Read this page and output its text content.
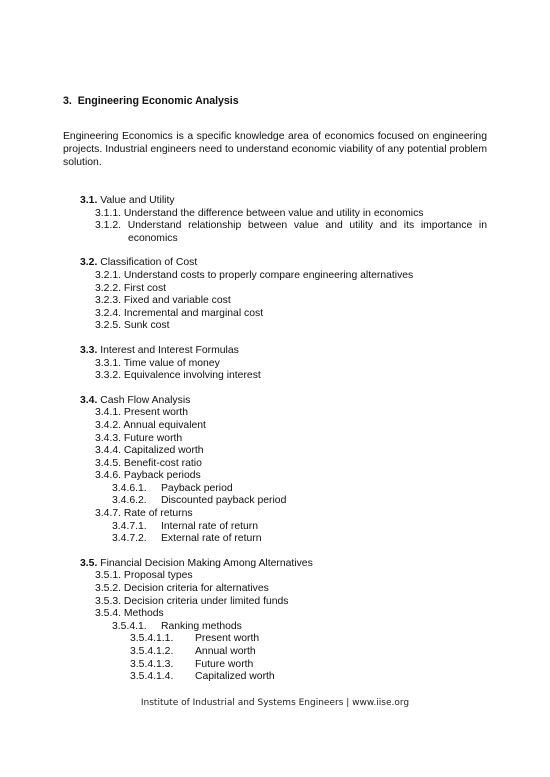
3. Engineering Economic Analysis
Engineering Economics is a specific knowledge area of economics focused on engineering projects. Industrial engineers need to understand economic viability of any potential problem solution.
3.1. Value and Utility
3.1.1. Understand the difference between value and utility in economics
3.1.2. Understand relationship between value and utility and its importance in economics
3.2. Classification of Cost
3.2.1. Understand costs to properly compare engineering alternatives
3.2.2. First cost
3.2.3. Fixed and variable cost
3.2.4. Incremental and marginal cost
3.2.5. Sunk cost
3.3. Interest and Interest Formulas
3.3.1. Time value of money
3.3.2. Equivalence involving interest
3.4. Cash Flow Analysis
3.4.1. Present worth
3.4.2. Annual equivalent
3.4.3. Future worth
3.4.4. Capitalized worth
3.4.5. Benefit-cost ratio
3.4.6. Payback periods
3.4.6.1. Payback period
3.4.6.2. Discounted payback period
3.4.7. Rate of returns
3.4.7.1. Internal rate of return
3.4.7.2. External rate of return
3.5. Financial Decision Making Among Alternatives
3.5.1. Proposal types
3.5.2. Decision criteria for alternatives
3.5.3. Decision criteria under limited funds
3.5.4. Methods
3.5.4.1. Ranking methods
3.5.4.1.1. Present worth
3.5.4.1.2. Annual worth
3.5.4.1.3. Future worth
3.5.4.1.4. Capitalized worth
Institute of Industrial and Systems Engineers | www.iise.org
